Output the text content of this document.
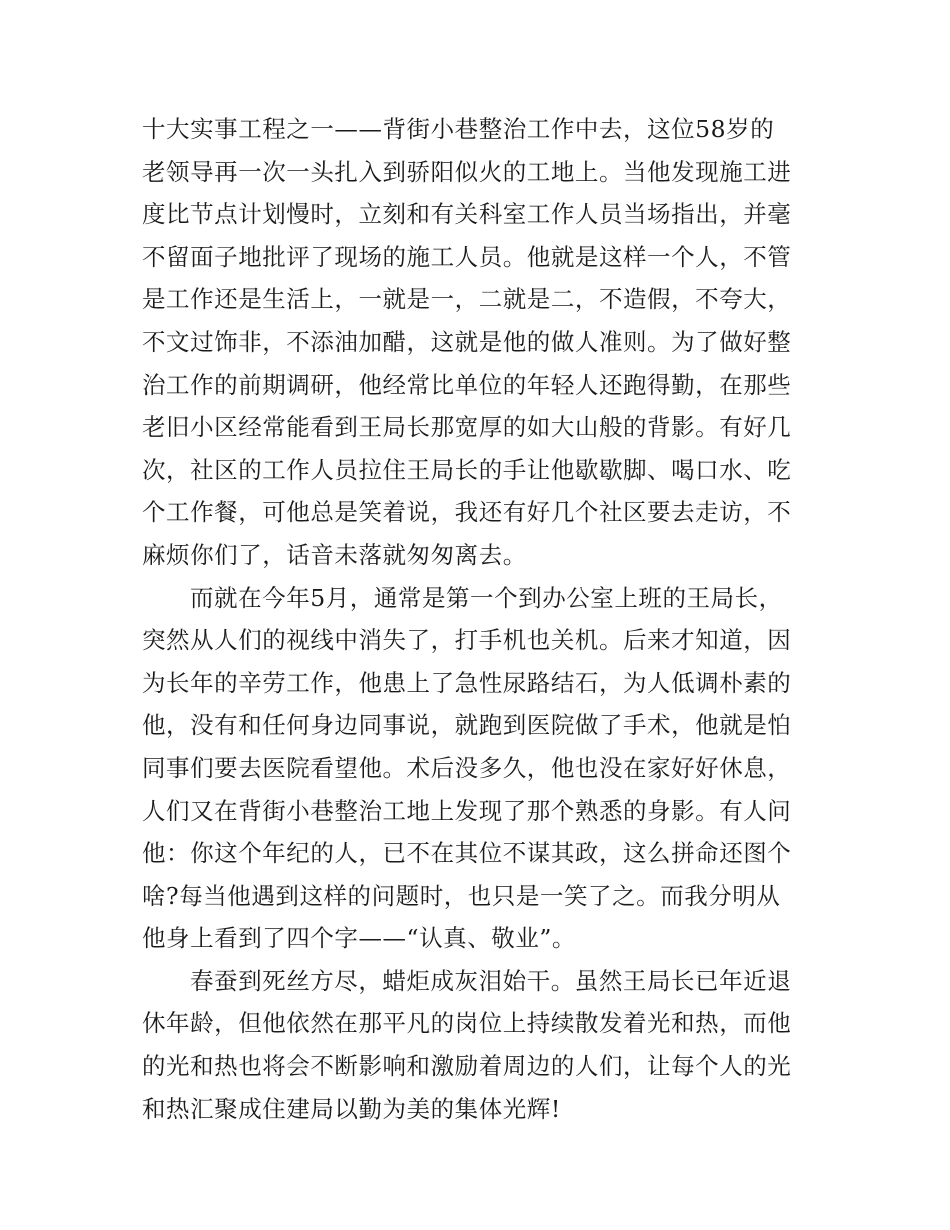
十大实事工程之一——背街小巷整治工作中去，这位58岁的
老领导再一次一头扎入到骄阳似火的工地上。当他发现施工进
度比节点计划慢时，立刻和有关科室工作人员当场指出，并毫
不留面子地批评了现场的施工人员。他就是这样一个人，不管
是工作还是生活上，一就是一，二就是二，不造假，不夸大，
不文过饰非，不添油加醋，这就是他的做人准则。为了做好整
治工作的前期调研，他经常比单位的年轻人还跑得勤，在那些
老旧小区经常能看到王局长那宽厚的如大山般的背影。有好几
次，社区的工作人员拉住王局长的手让他歇歇脚、喝口水、吃
个工作餐，可他总是笑着说，我还有好几个社区要去走访，不
麻烦你们了，话音未落就匆匆离去。
而就在今年5月，通常是第一个到办公室上班的王局长，
突然从人们的视线中消失了，打手机也关机。后来才知道，因
为长年的辛劳工作，他患上了急性尿路结石，为人低调朴素的
他，没有和任何身边同事说，就跑到医院做了手术，他就是怕
同事们要去医院看望他。术后没多久，他也没在家好好休息，
人们又在背街小巷整治工地上发现了那个熟悉的身影。有人问
他：你这个年纪的人，已不在其位不谋其政，这么拼命还图个
啥?每当他遇到这样的问题时，也只是一笑了之。而我分明从
他身上看到了四个字——“认真、敬业”。
春蚕到死丝方尽，蜡炬成灰泪始干。虽然王局长已年近退
休年龄，但他依然在那平凡的岗位上持续散发着光和热，而他
的光和热也将会不断影响和激励着周边的人们，让每个人的光
和热汇聚成住建局以勤为美的集体光辉!
